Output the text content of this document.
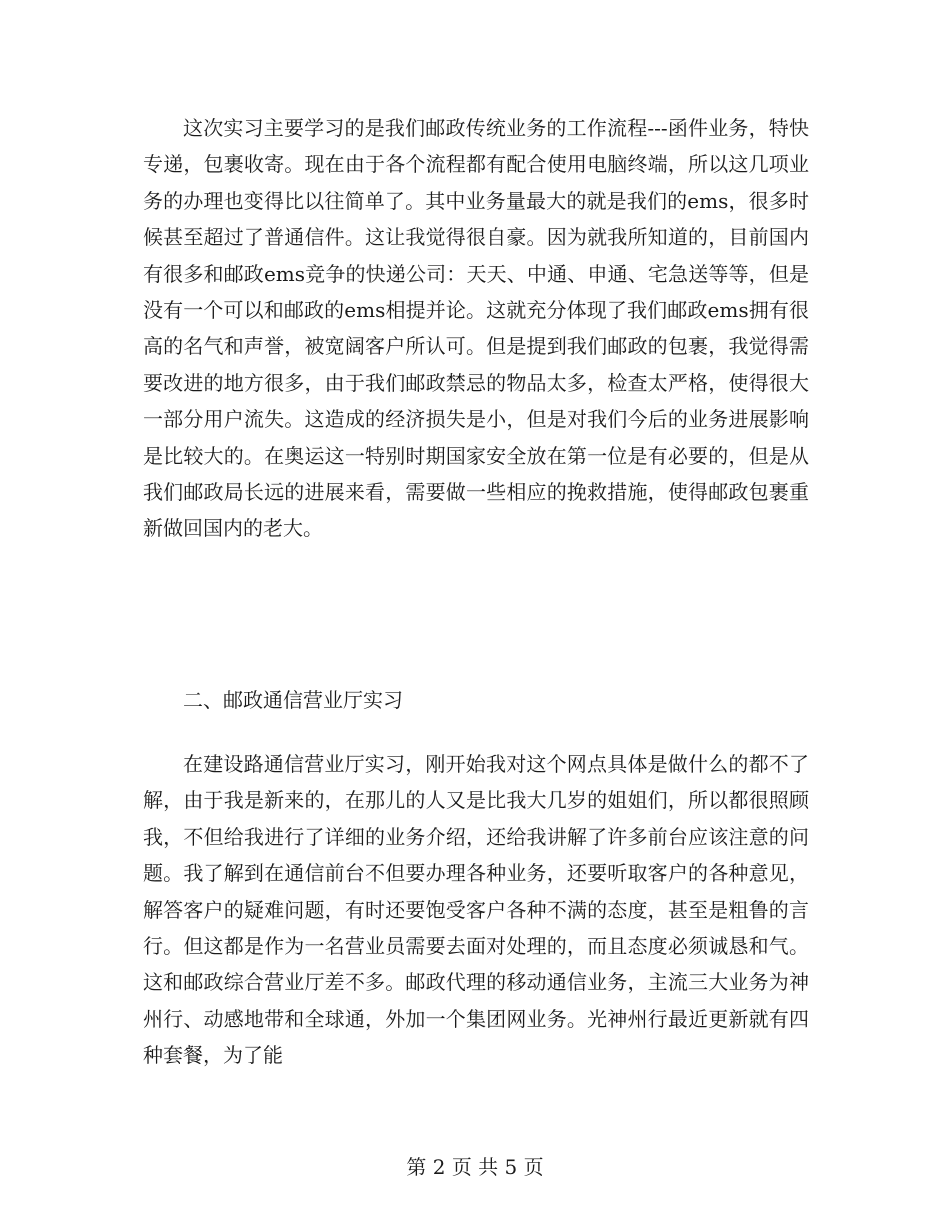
这次实习主要学习的是我们邮政传统业务的工作流程---函件业务，特快专递，包裹收寄。现在由于各个流程都有配合使用电脑终端，所以这几项业务的办理也变得比以往简单了。其中业务量最大的就是我们的ems，很多时候甚至超过了普通信件。这让我觉得很自豪。因为就我所知道的，目前国内有很多和邮政ems竞争的快递公司：天天、中通、申通、宅急送等等，但是没有一个可以和邮政的ems相提并论。这就充分体现了我们邮政ems拥有很高的名气和声誉，被宽阔客户所认可。但是提到我们邮政的包裹，我觉得需要改进的地方很多，由于我们邮政禁忌的物品太多，检查太严格，使得很大一部分用户流失。这造成的经济损失是小，但是对我们今后的业务进展影响是比较大的。在奥运这一特别时期国家安全放在第一位是有必要的，但是从我们邮政局长远的进展来看，需要做一些相应的挽救措施，使得邮政包裹重新做回国内的老大。

二、邮政通信营业厅实习

在建设路通信营业厅实习，刚开始我对这个网点具体是做什么的都不了解，由于我是新来的，在那儿的人又是比我大几岁的姐姐们，所以都很照顾我，不但给我进行了详细的业务介绍，还给我讲解了许多前台应该注意的问题。我了解到在通信前台不但要办理各种业务，还要听取客户的各种意见，解答客户的疑难问题，有时还要饱受客户各种不满的态度，甚至是粗鲁的言行。但这都是作为一名营业员需要去面对处理的，而且态度必须诚恳和气。这和邮政综合营业厅差不多。邮政代理的移动通信业务，主流三大业务为神州行、动感地带和全球通，外加一个集团网业务。光神州行最近更新就有四种套餐，为了能

第 2 页 共 5 页
